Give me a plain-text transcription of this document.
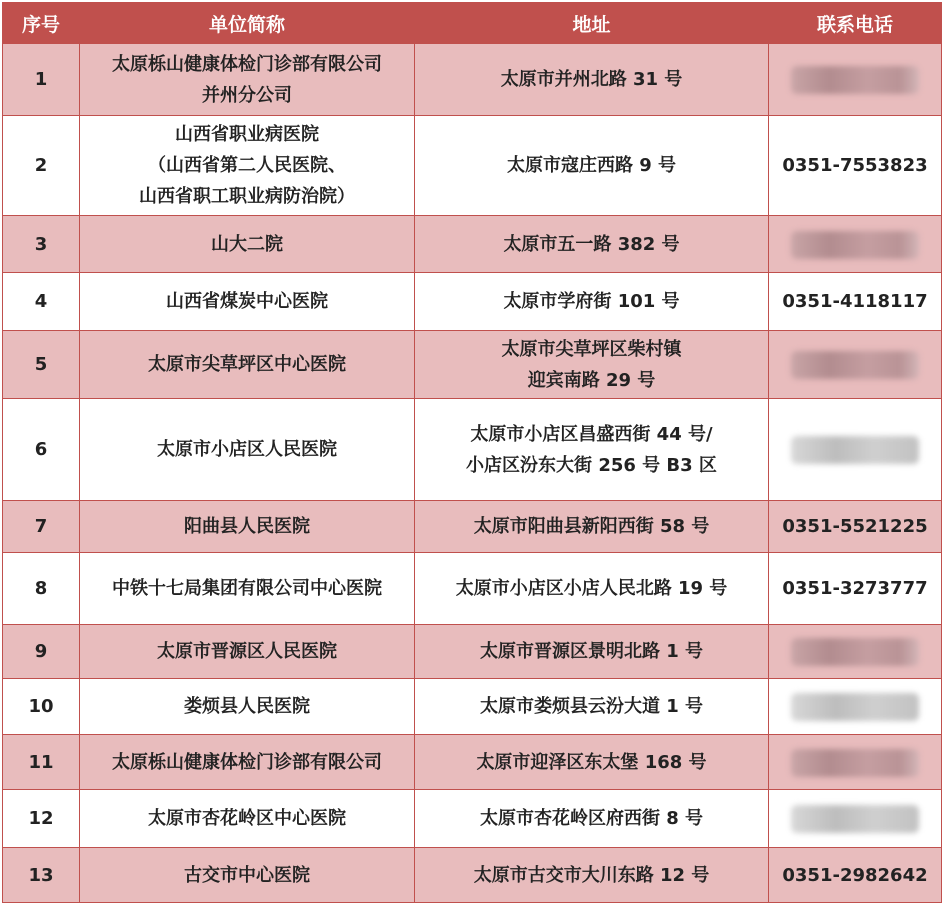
序号	单位简称	地址	联系电话
1	太原栎山健康体检门诊部有限公司
并州分公司	太原市并州北路 31 号	
2	山西省职业病医院
（山西省第二人民医院、
山西省职工职业病防治院）	太原市寇庄西路 9 号	0351-7553823
3	山大二院	太原市五一路 382 号	
4	山西省煤炭中心医院	太原市学府街 101 号	0351-4118117
5	太原市尖草坪区中心医院	太原市尖草坪区柴村镇
迎宾南路 29 号	
6	太原市小店区人民医院	太原市小店区昌盛西街 44 号/
小店区汾东大街 256 号 B3 区	
7	阳曲县人民医院	太原市阳曲县新阳西街 58 号	0351-5521225
8	中铁十七局集团有限公司中心医院	太原市小店区小店人民北路 19 号	0351-3273777
9	太原市晋源区人民医院	太原市晋源区景明北路 1 号	
10	娄烦县人民医院	太原市娄烦县云汾大道 1 号	
11	太原栎山健康体检门诊部有限公司	太原市迎泽区东太堡 168 号	
12	太原市杏花岭区中心医院	太原市杏花岭区府西街 8 号	
13	古交市中心医院	太原市古交市大川东路 12 号	0351-2982642
